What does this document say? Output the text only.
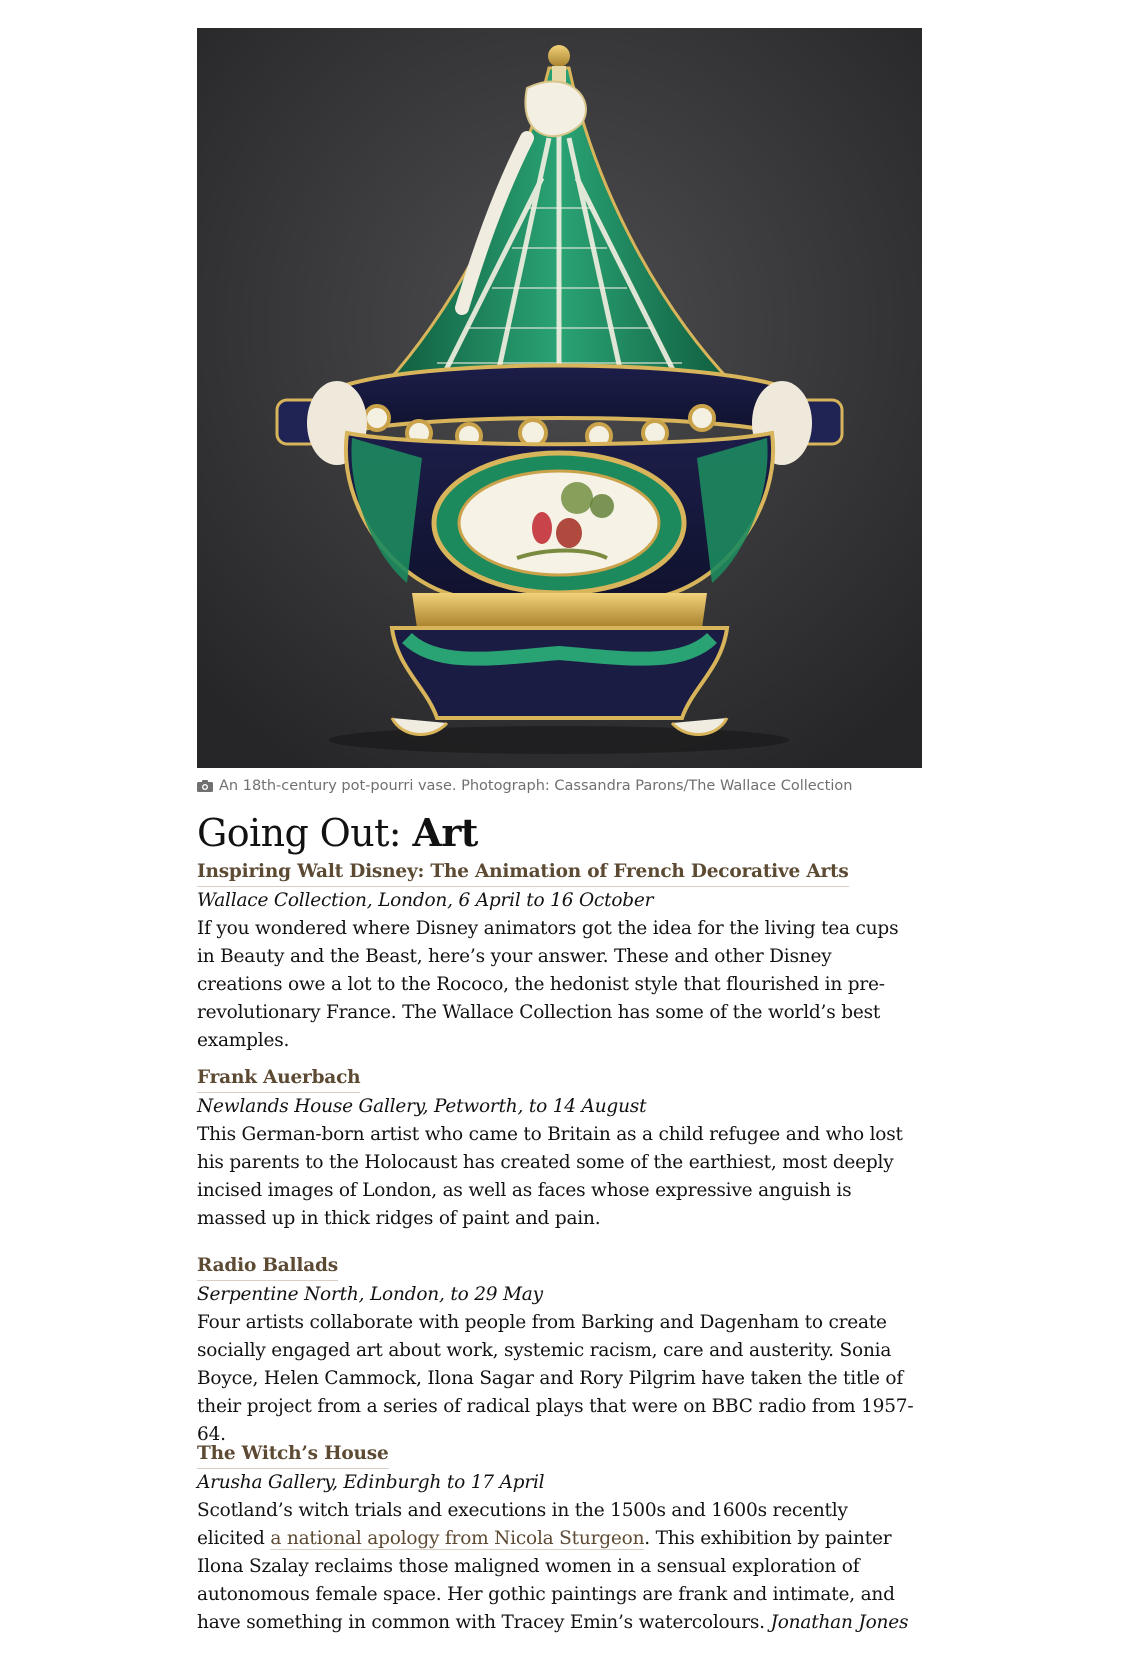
An 18th-century pot-pourri vase. Photograph: Cassandra Parons/The Wallace Collection
Going Out: Art
Inspiring Walt Disney: The Animation of French Decorative Arts
Wallace Collection, London, 6 April to 16 October
If you wondered where Disney animators got the idea for the living tea cups in Beauty and the Beast, here’s your answer. These and other Disney creations owe a lot to the Rococo, the hedonist style that flourished in pre-revolutionary France. The Wallace Collection has some of the world’s best examples.
Frank Auerbach
Newlands House Gallery, Petworth, to 14 August
This German-born artist who came to Britain as a child refugee and who lost his parents to the Holocaust has created some of the earthiest, most deeply incised images of London, as well as faces whose expressive anguish is massed up in thick ridges of paint and pain.
Radio Ballads
Serpentine North, London, to 29 May
Four artists collaborate with people from Barking and Dagenham to create socially engaged art about work, systemic racism, care and austerity. Sonia Boyce, Helen Cammock, Ilona Sagar and Rory Pilgrim have taken the title of their project from a series of radical plays that were on BBC radio from 1957-64.
The Witch’s House
Arusha Gallery, Edinburgh to 17 April
Scotland’s witch trials and executions in the 1500s and 1600s recently elicited a national apology from Nicola Sturgeon. This exhibition by painter Ilona Szalay reclaims those maligned women in a sensual exploration of autonomous female space. Her gothic paintings are frank and intimate, and have something in common with Tracey Emin’s watercolours. Jonathan Jones
